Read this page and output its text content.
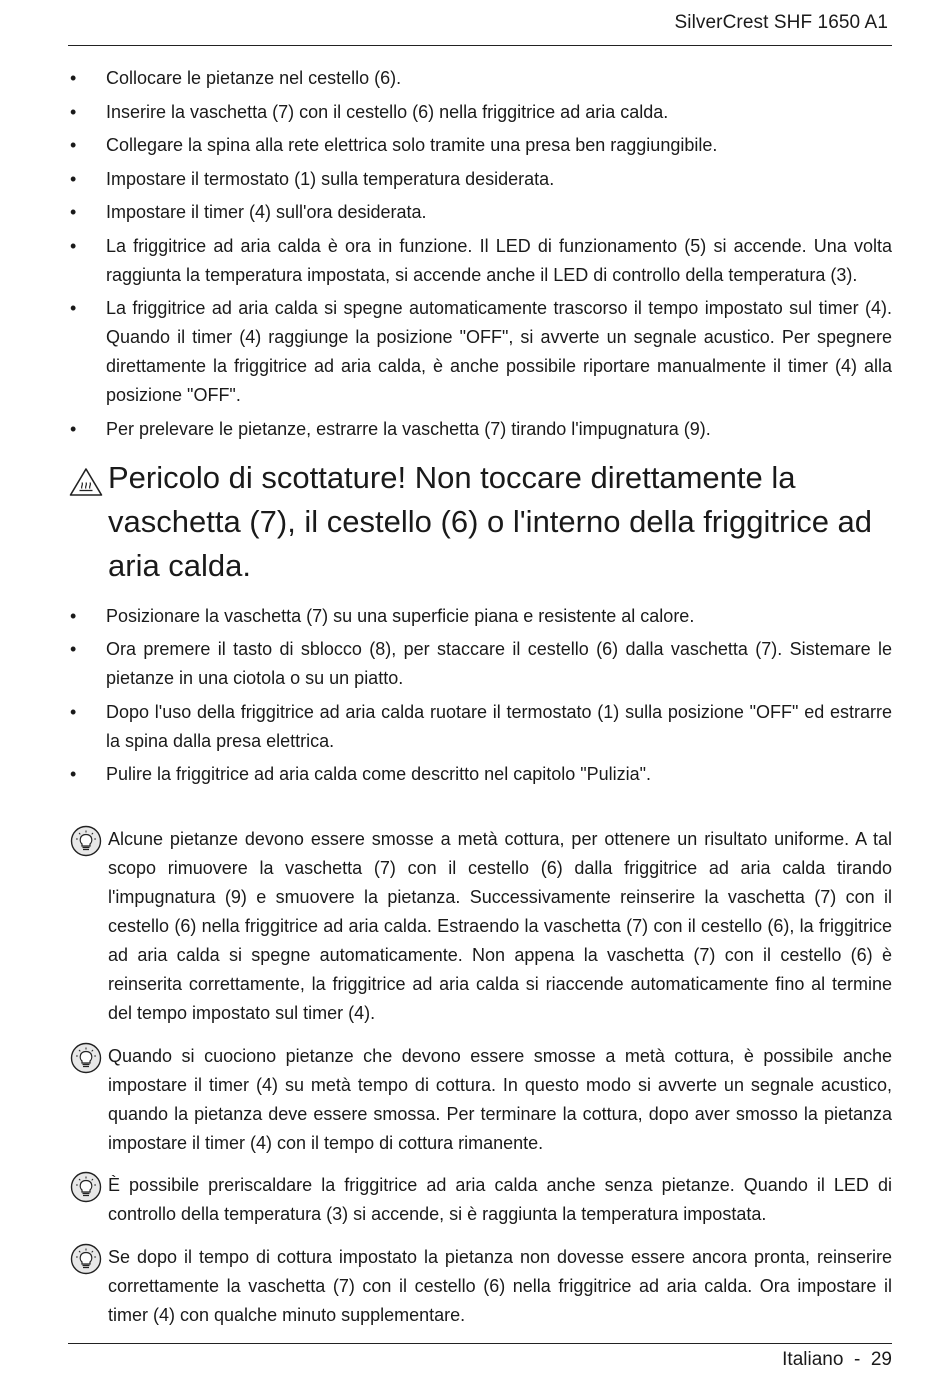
SilverCrest SHF 1650 A1
• Collocare le pietanze nel cestello (6).
• Inserire la vaschetta (7) con il cestello (6) nella friggitrice ad aria calda.
• Collegare la spina alla rete elettrica solo tramite una presa ben raggiungibile.
• Impostare il termostato (1) sulla temperatura desiderata.
• Impostare il timer (4) sull'ora desiderata.
• La friggitrice ad aria calda è ora in funzione. Il LED di funzionamento (5) si accende. Una volta raggiunta la temperatura impostata, si accende anche il LED di controllo della temperatura (3).
• La friggitrice ad aria calda si spegne automaticamente trascorso il tempo impostato sul timer (4). Quando il timer (4) raggiunge la posizione "OFF", si avverte un segnale acustico. Per spegnere direttamente la friggitrice ad aria calda, è anche possibile riportare manualmente il timer (4) alla posizione "OFF".
• Per prelevare le pietanze, estrarre la vaschetta (7) tirando l'impugnatura (9).
Pericolo di scottature! Non toccare direttamente la vaschetta (7), il cestello (6) o l'interno della friggitrice ad aria calda.
• Posizionare la vaschetta (7) su una superficie piana e resistente al calore.
• Ora premere il tasto di sblocco (8), per staccare il cestello (6) dalla vaschetta (7). Sistemare le pietanze in una ciotola o su un piatto.
• Dopo l'uso della friggitrice ad aria calda ruotare il termostato (1) sulla posizione "OFF" ed estrarre la spina dalla presa elettrica.
• Pulire la friggitrice ad aria calda come descritto nel capitolo "Pulizia".
Alcune pietanze devono essere smosse a metà cottura, per ottenere un risultato uniforme. A tal scopo rimuovere la vaschetta (7) con il cestello (6) dalla friggitrice ad aria calda tirando l'impugnatura (9) e smuovere la pietanza. Successivamente reinserire la vaschetta (7) con il cestello (6) nella friggitrice ad aria calda. Estraendo la vaschetta (7) con il cestello (6), la friggitrice ad aria calda si spegne automaticamente. Non appena la vaschetta (7) con il cestello (6) è reinserita correttamente, la friggitrice ad aria calda si riaccende automaticamente fino al termine del tempo impostato sul timer (4).
Quando si cuociono pietanze che devono essere smosse a metà cottura, è possibile anche impostare il timer (4) su metà tempo di cottura. In questo modo si avverte un segnale acustico, quando la pietanza deve essere smossa. Per terminare la cottura, dopo aver smosso la pietanza impostare il timer (4) con il tempo di cottura rimanente.
È possibile preriscaldare la friggitrice ad aria calda anche senza pietanze. Quando il LED di controllo della temperatura (3) si accende, si è raggiunta la temperatura impostata.
Se dopo il tempo di cottura impostato la pietanza non dovesse essere ancora pronta, reinserire correttamente la vaschetta (7) con il cestello (6) nella friggitrice ad aria calda. Ora impostare il timer (4) con qualche minuto supplementare.
Italiano  -  29
